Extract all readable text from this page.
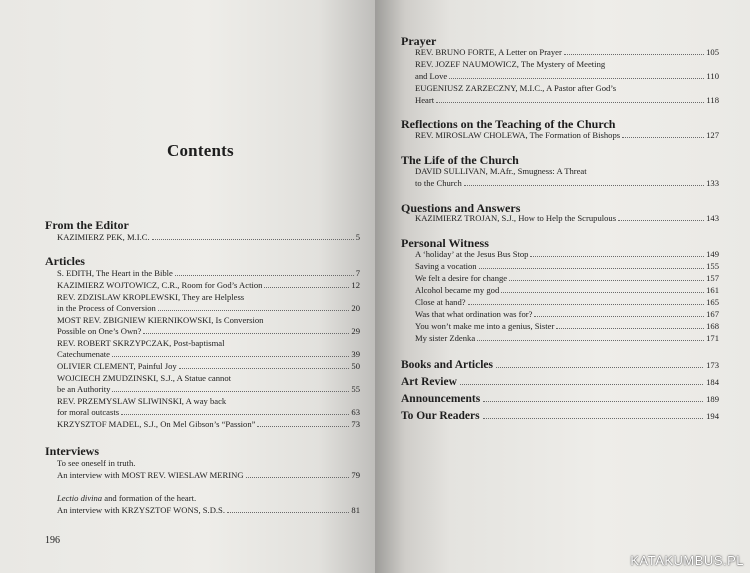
Contents
From the Editor
KAZIMIERZ PEK, M.I.C.	5
Articles
S. EDITH, The Heart in the Bible	7
KAZIMIERZ WOJTOWICZ, C.R., Room for God’s Action	12
REV. ZDZISLAW KROPLEWSKI, They are Helpless
in the Process of Conversion	20
MOST REV. ZBIGNIEW KIERNIKOWSKI, Is Conversion
Possible on One’s Own?	29
REV. ROBERT SKRZYPCZAK, Post-baptismal
Catechumenate	39
OLIVIER CLEMENT, Painful Joy	50
WOJCIECH ZMUDZINSKI, S.J., A Statue cannot
be an Authority	55
REV. PRZEMYSLAW SLIWINSKI, A way back
for moral outcasts	63
KRZYSZTOF MADEL, S.J., On Mel Gibson’s “Passion”	73
Interviews
To see oneself in truth.
An interview with MOST REV. WIESLAW MERING	79
Lectio divina and formation of the heart.
An interview with KRZYSZTOF WONS, S.D.S.	81
196
Prayer
REV. BRUNO FORTE, A Letter on Prayer	105
REV. JOZEF NAUMOWICZ, The Mystery of Meeting
and Love	110
EUGENIUSZ ZARZECZNY, M.I.C., A Pastor after God’s
Heart	118
Reflections on the Teaching of the Church
REV. MIROSLAW CHOLEWA, The Formation of Bishops	127
The Life of the Church
DAVID SULLIVAN, M.Afr., Smugness: A Threat
to the Church	133
Questions and Answers
KAZIMIERZ TROJAN, S.J., How to Help the Scrupulous	143
Personal Witness
A ‘holiday’ at the Jesus Bus Stop	149
Saving a vocation	155
We felt a desire for change	157
Alcohol became my god	161
Close at hand?	165
Was that what ordination was for?	167
You won’t make me into a genius, Sister	168
My sister Zdenka	171
Books and Articles	173
Art Review	184
Announcements	189
To Our Readers	194
KATAKUMBUS.PL
